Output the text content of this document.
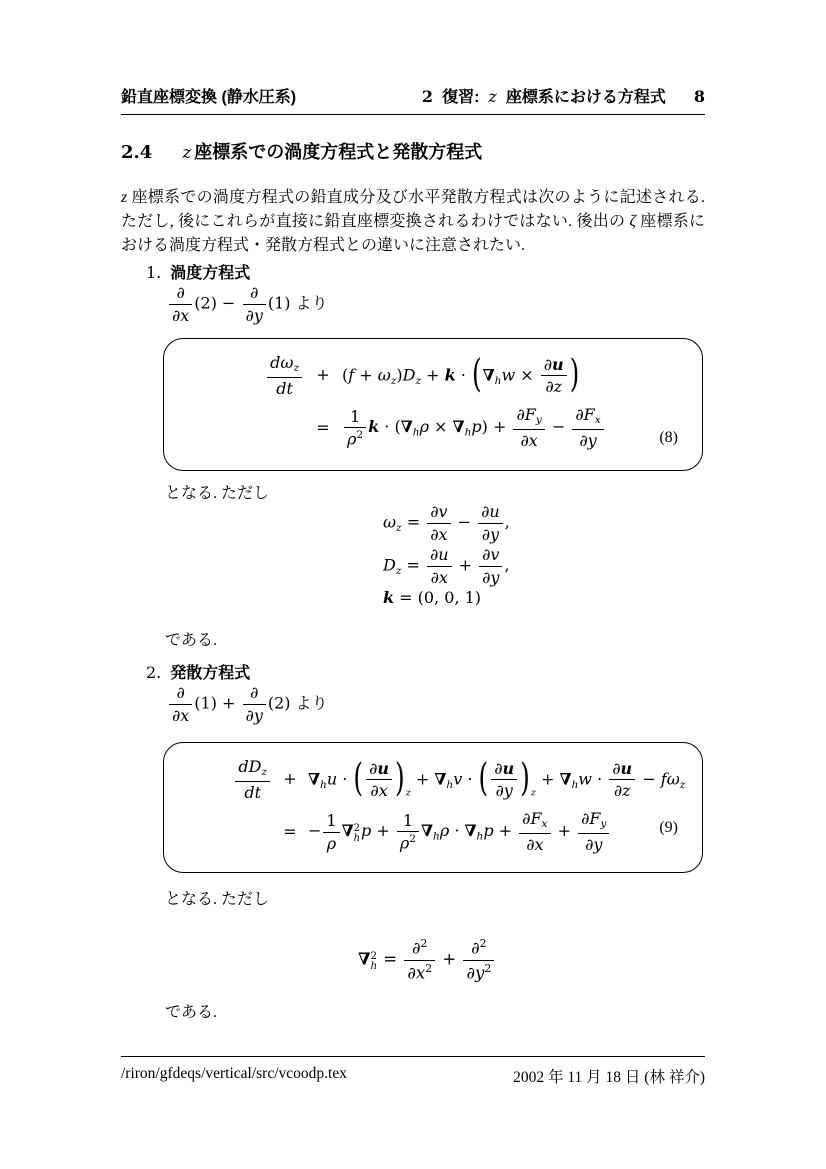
鉛直座標変換 (静水圧系)	2 復習: z 座標系における方程式 8
2.4 z 座標系での渦度方程式と発散方程式

z 座標系での渦度方程式の鉛直成分及び水平発散方程式は次のように記述される. ただし, 後にこれらが直接に鉛直座標変換されるわけではない. 後出の ζ 座標系における渦度方程式・発散方程式との違いに注意されたい.

1. 渦度方程式
$\frac{\partial}{\partial x} (2) - \frac{\partial}{\partial y} (1)$ より
$\frac{\text{dωz}}{dt} + (f + \omega z)Dz + k \cdot (\nabla hw \times \frac{\partial u}{\partial z}$ )
= $\frac{1}{\rho^2}$ $k \cdot (\nabla h\rho \times \nabla hp) + \frac{\partial Fy}{\partial x} - \frac{\partial Fx}{\partial y}$	(8)
となる. ただし
$\omega z = \frac{\partial v}{\partial x} - \frac{\partial u}{\partial y}$ ,
$Dz = \frac{\partial u}{\partial x} + \frac{\partial v}{\partial y}$ ,
k = (0, 0, 1)
である.
2. 発散方程式
$\frac{\partial}{\partial x} (1) + \frac{\partial}{\partial y} (2)$ より
$\frac{\text{dDz}}{dt} + \nabla hu$ · ( $\frac{\partial u}{\partial x} )_z + \nabla hv$ · ( $\frac{\partial u}{\partial y} )_z + \nabla hw \cdot \frac{\partial u}{\partial z} - f\omega z$
= − $\frac{1}{\rho}$ ∇ 2
h $p + \frac{1}{\rho^2} \nabla h\rho \cdot \nabla hp + \frac{\partial Fx}{\partial x} + \frac{\partial Fy}{\partial y}$	(9)
となる. ただし
∇ 2
$h = \frac{\partial^2}{\partial x^2} + \frac{\partial^2}{\partial y^2}$
である.
/riron/gfdeqs/vertical/src/vcoodp.tex	2002 年 11 月 18 日 (林 祥介)
